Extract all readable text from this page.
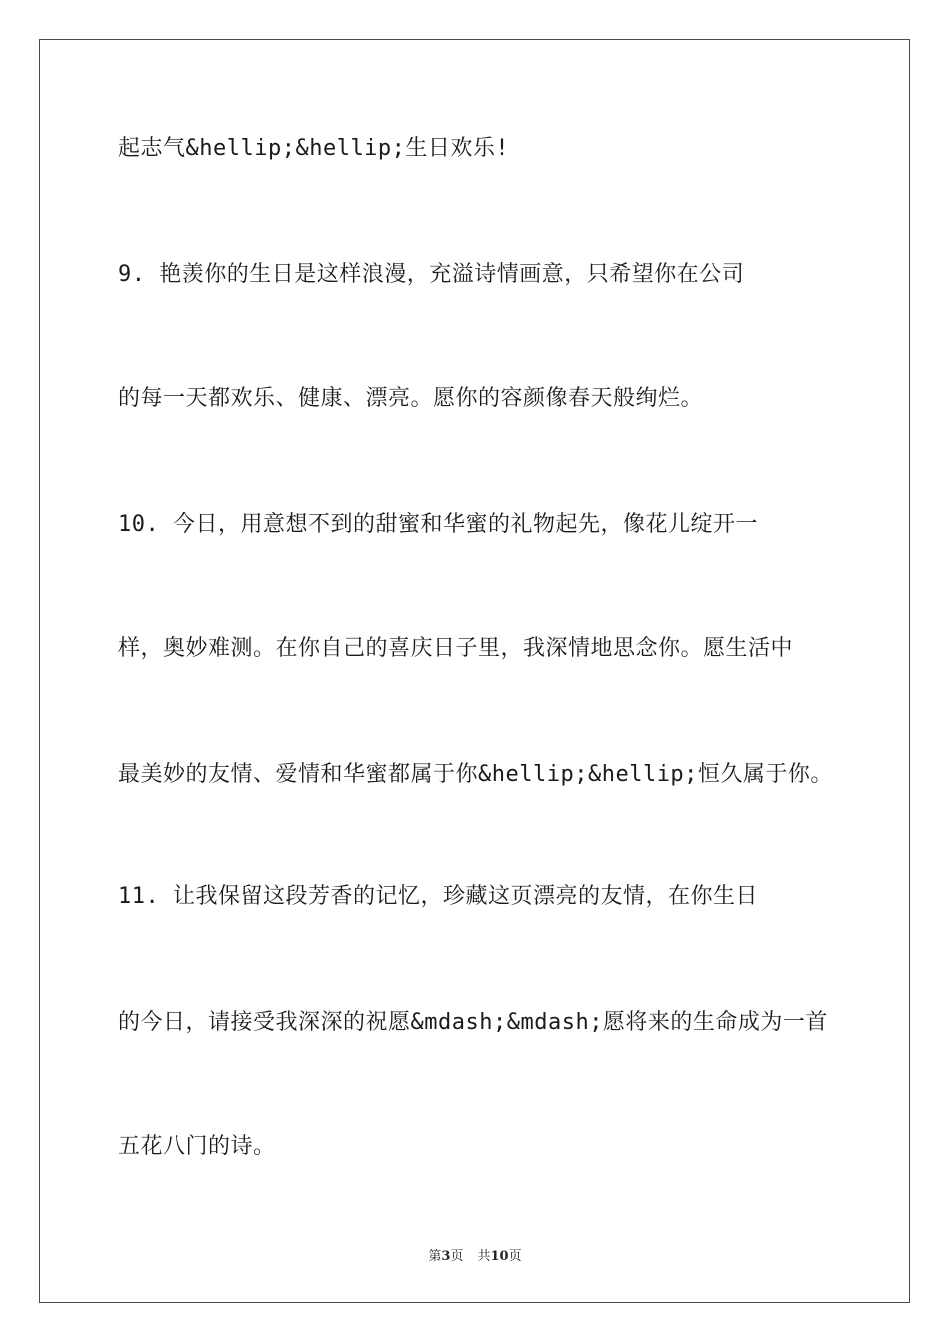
起志气&hellip;&hellip;生日欢乐!
9. 艳羡你的生日是这样浪漫，充溢诗情画意，只希望你在公司
的每一天都欢乐、健康、漂亮。愿你的容颜像春天般绚烂。
10. 今日，用意想不到的甜蜜和华蜜的礼物起先，像花儿绽开一
样，奥妙难测。在你自己的喜庆日子里，我深情地思念你。愿生活中
最美妙的友情、爱情和华蜜都属于你&hellip;&hellip;恒久属于你。
11. 让我保留这段芳香的记忆，珍藏这页漂亮的友情，在你生日
的今日，请接受我深深的祝愿&mdash;&mdash;愿将来的生命成为一首
五花八门的诗。
第3页 共10页
